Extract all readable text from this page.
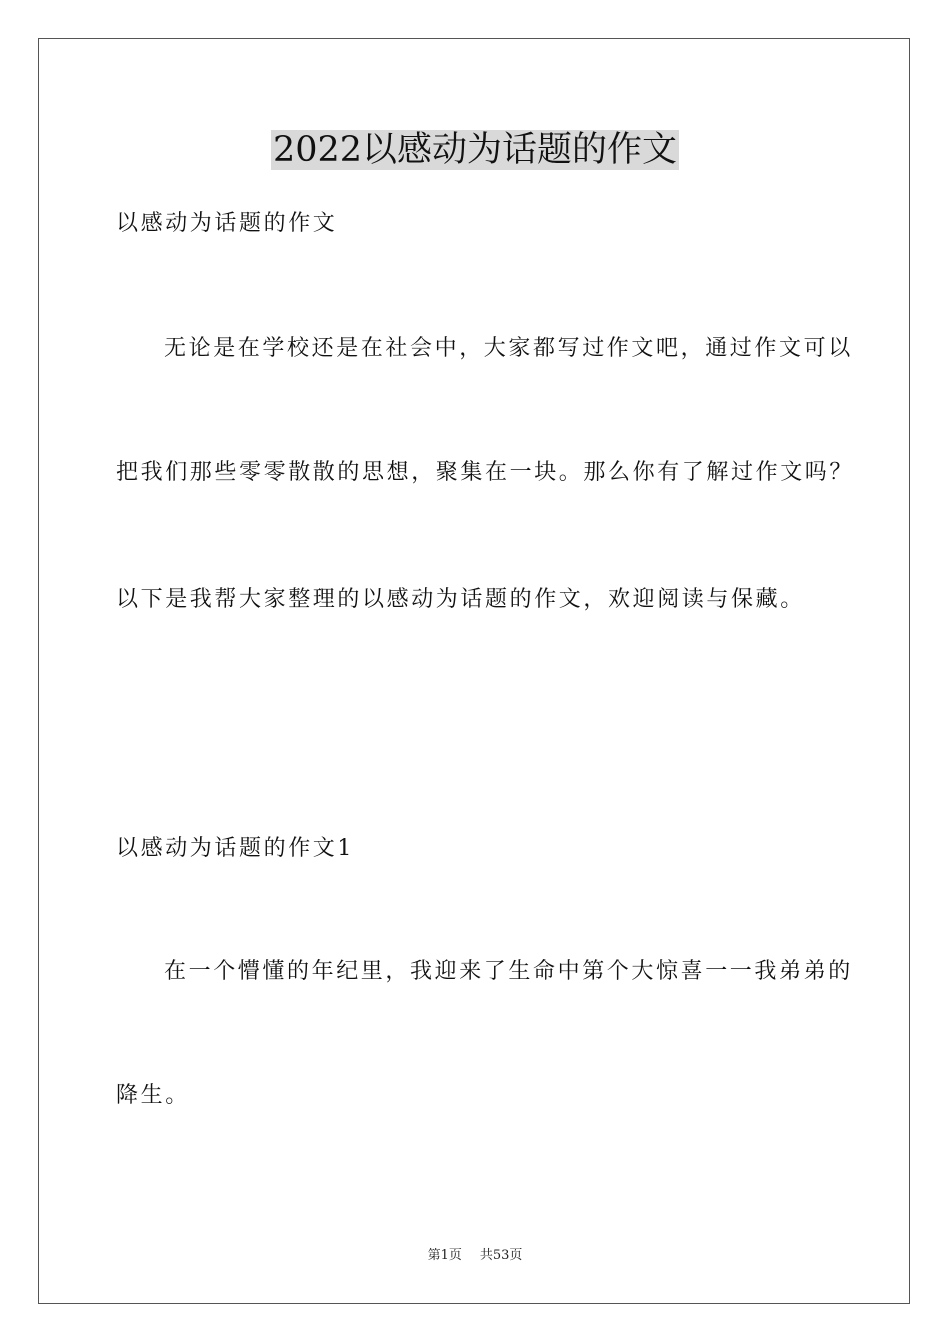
2022以感动为话题的作文

以感动为话题的作文

无论是在学校还是在社会中，大家都写过作文吧，通过作文可以

把我们那些零零散散的思想，聚集在一块。那么你有了解过作文吗？

以下是我帮大家整理的以感动为话题的作文，欢迎阅读与保藏。

以感动为话题的作文1

在一个懵懂的年纪里，我迎来了生命中第个大惊喜一一我弟弟的

降生。

第1页 共53页
